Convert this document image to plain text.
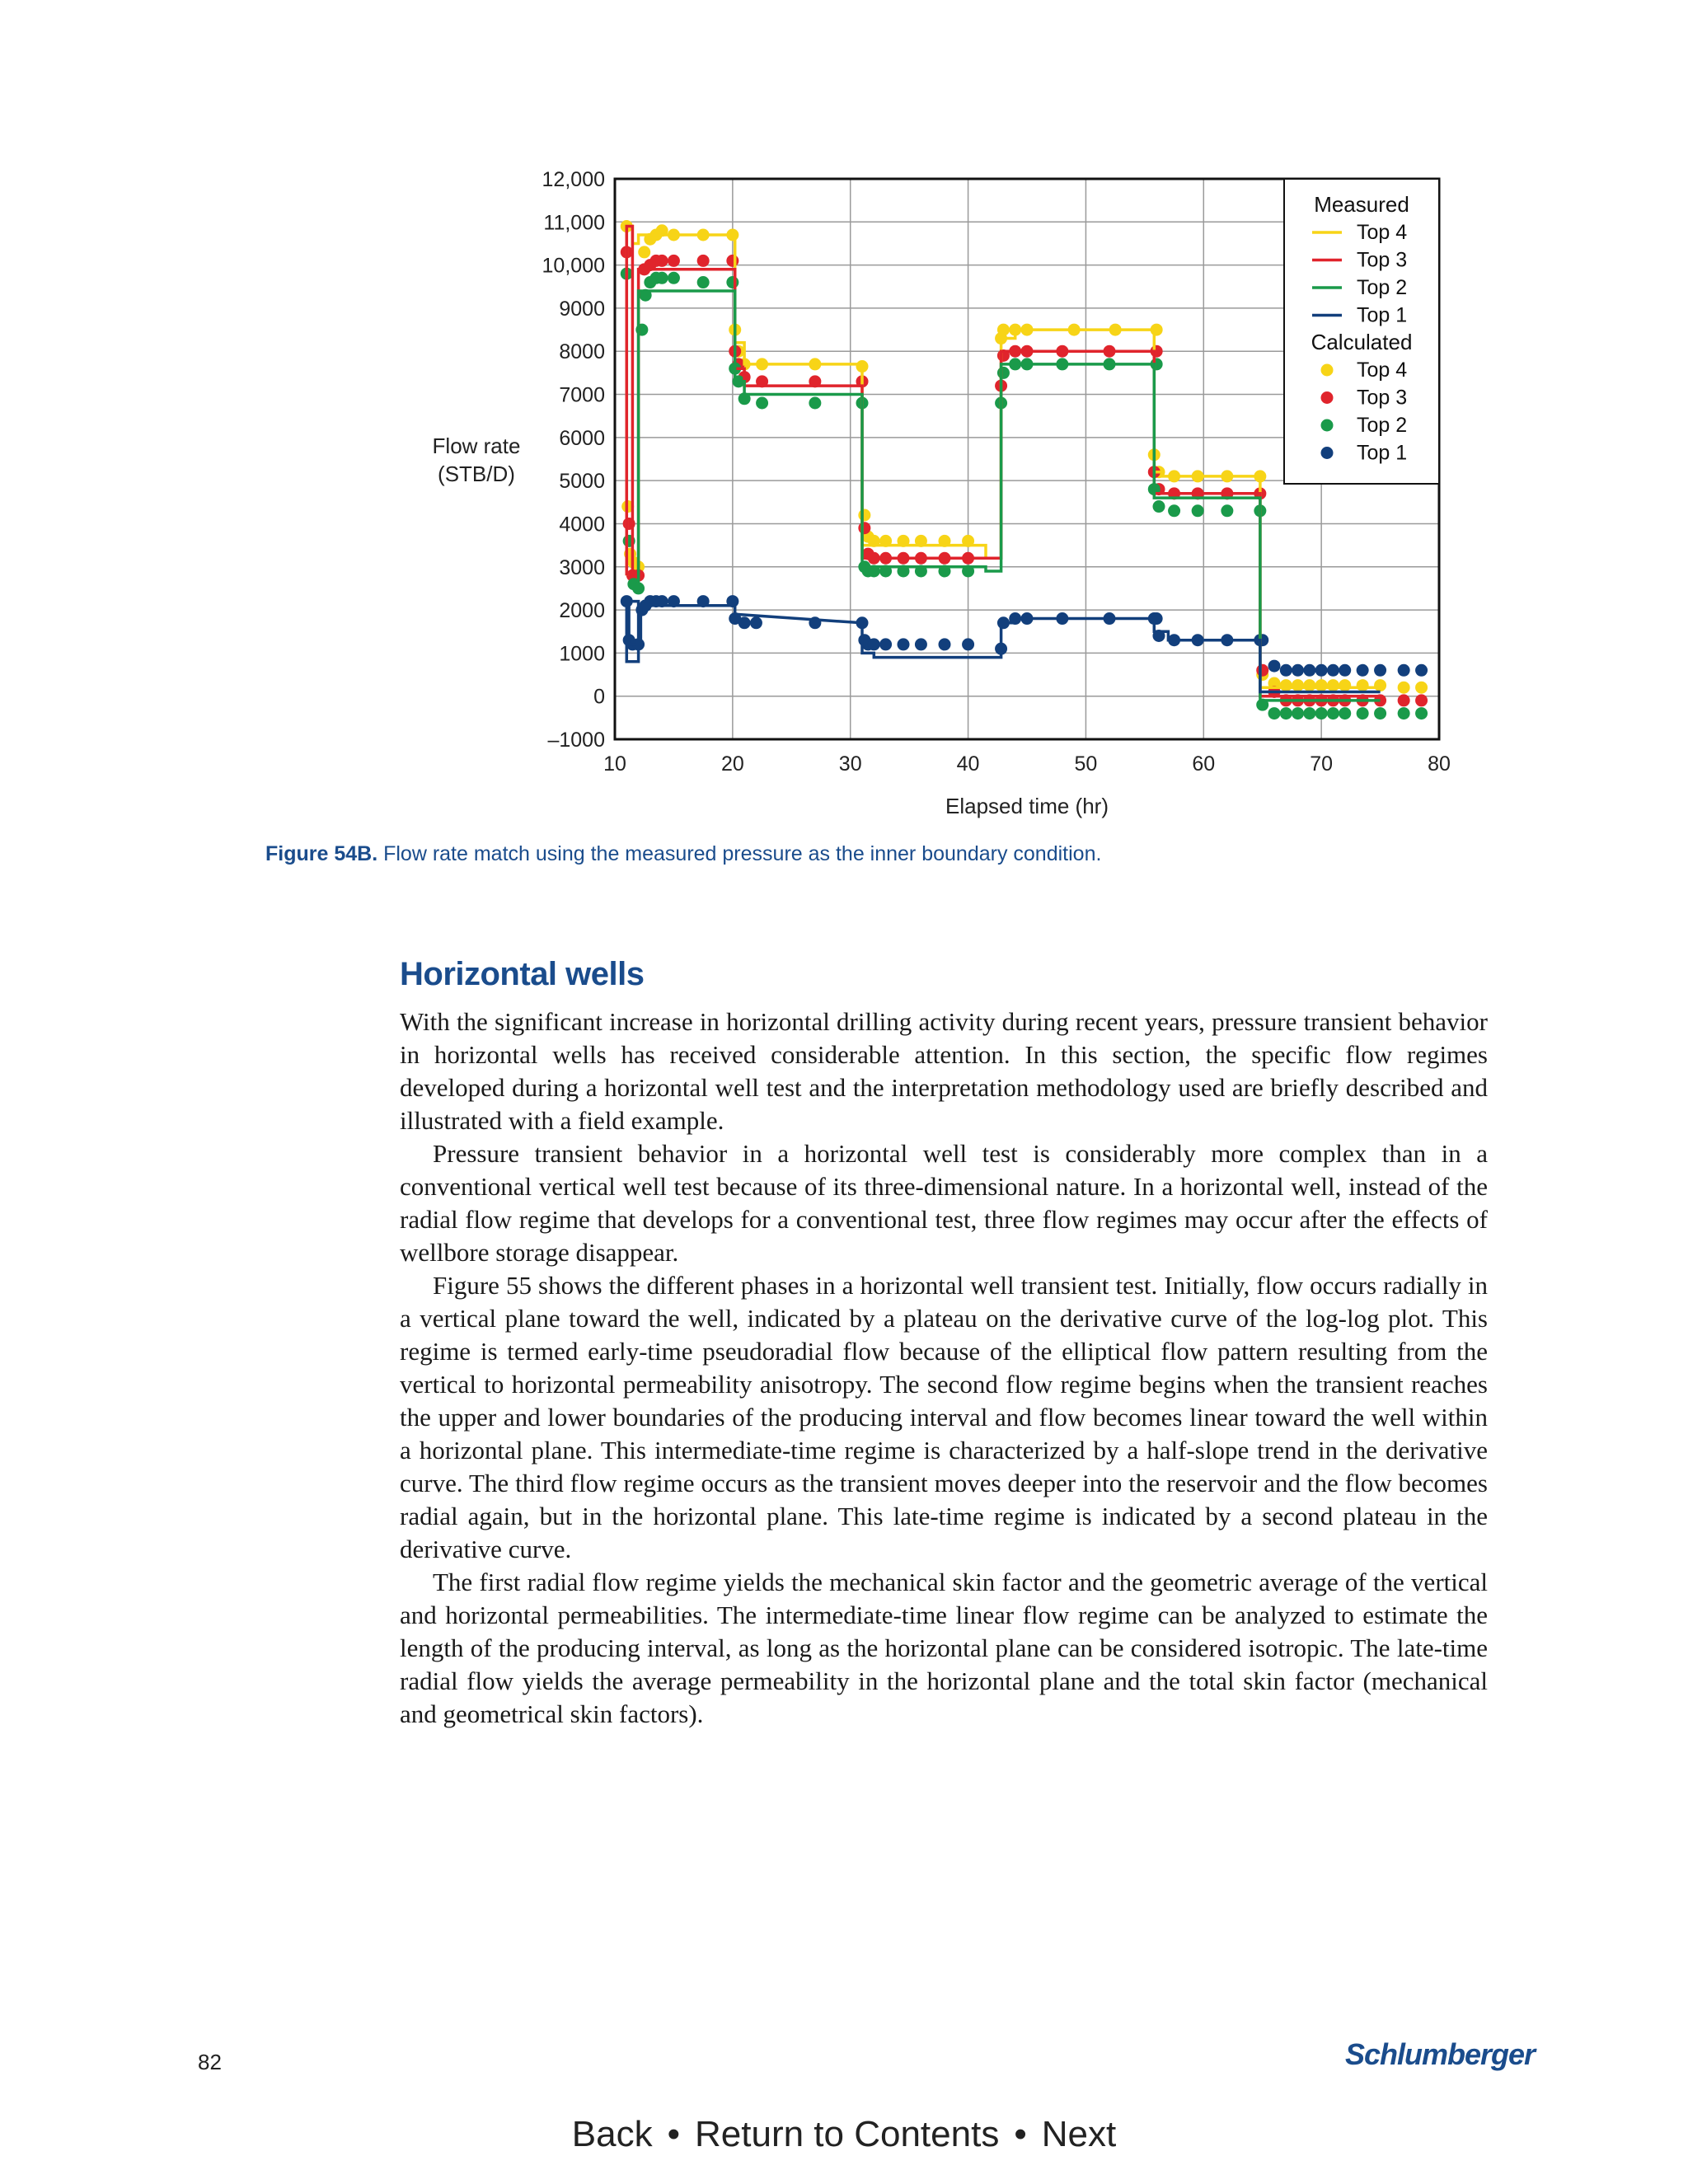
–1000
0
1000
2000
3000
4000
5000
6000
7000
8000
9000
10,000
11,000
12,000
10	20	30	40	50	60	70	80
Elapsed time (hr)
Flow rate
(STB/D)
Measured
Top 4
Top 3
Top 2
Top 1
Calculated
Top 4
Top 3
Top 2
Top 1
Figure 54B. Flow rate match using the measured pressure as the inner boundary condition.
Horizontal wells

With the significant increase in horizontal drilling activity during recent years, pressure transient behavior in horizontal wells has received considerable attention. In this section, the specific flow regimes developed during a horizontal well test and the interpretation methodology used are briefly described and illustrated with a field example.

Pressure transient behavior in a horizontal well test is considerably more complex than in a conventional vertical well test because of its three-dimensional nature. In a horizontal well, instead of the radial flow regime that develops for a conventional test, three flow regimes may occur after the effects of wellbore storage disappear.

Figure 55 shows the different phases in a horizontal well transient test. Initially, flow occurs radially in a vertical plane toward the well, indicated by a plateau on the derivative curve of the log-log plot. This regime is termed early-time pseudoradial flow because of the elliptical flow pattern resulting from the vertical to horizontal permeability anisotropy. The second flow regime begins when the transient reaches the upper and lower boundaries of the producing interval and flow becomes linear toward the well within a horizontal plane. This intermediate-time regime is characterized by a half-slope trend in the derivative curve. The third flow regime occurs as the transient moves deeper into the reservoir and the flow becomes radial again, but in the horizontal plane. This late-time regime is indicated by a second plateau in the derivative curve.

The first radial flow regime yields the mechanical skin factor and the geometric average of the vertical and horizontal permeabilities. The intermediate-time linear flow regime can be analyzed to estimate the length of the producing interval, as long as the horizontal plane can be considered isotropic. The late-time radial flow yields the average permeability in the horizontal plane and the total skin factor (mechanical and geometrical skin factors).

82	Schlumberger
Back • Return to Contents • Next
